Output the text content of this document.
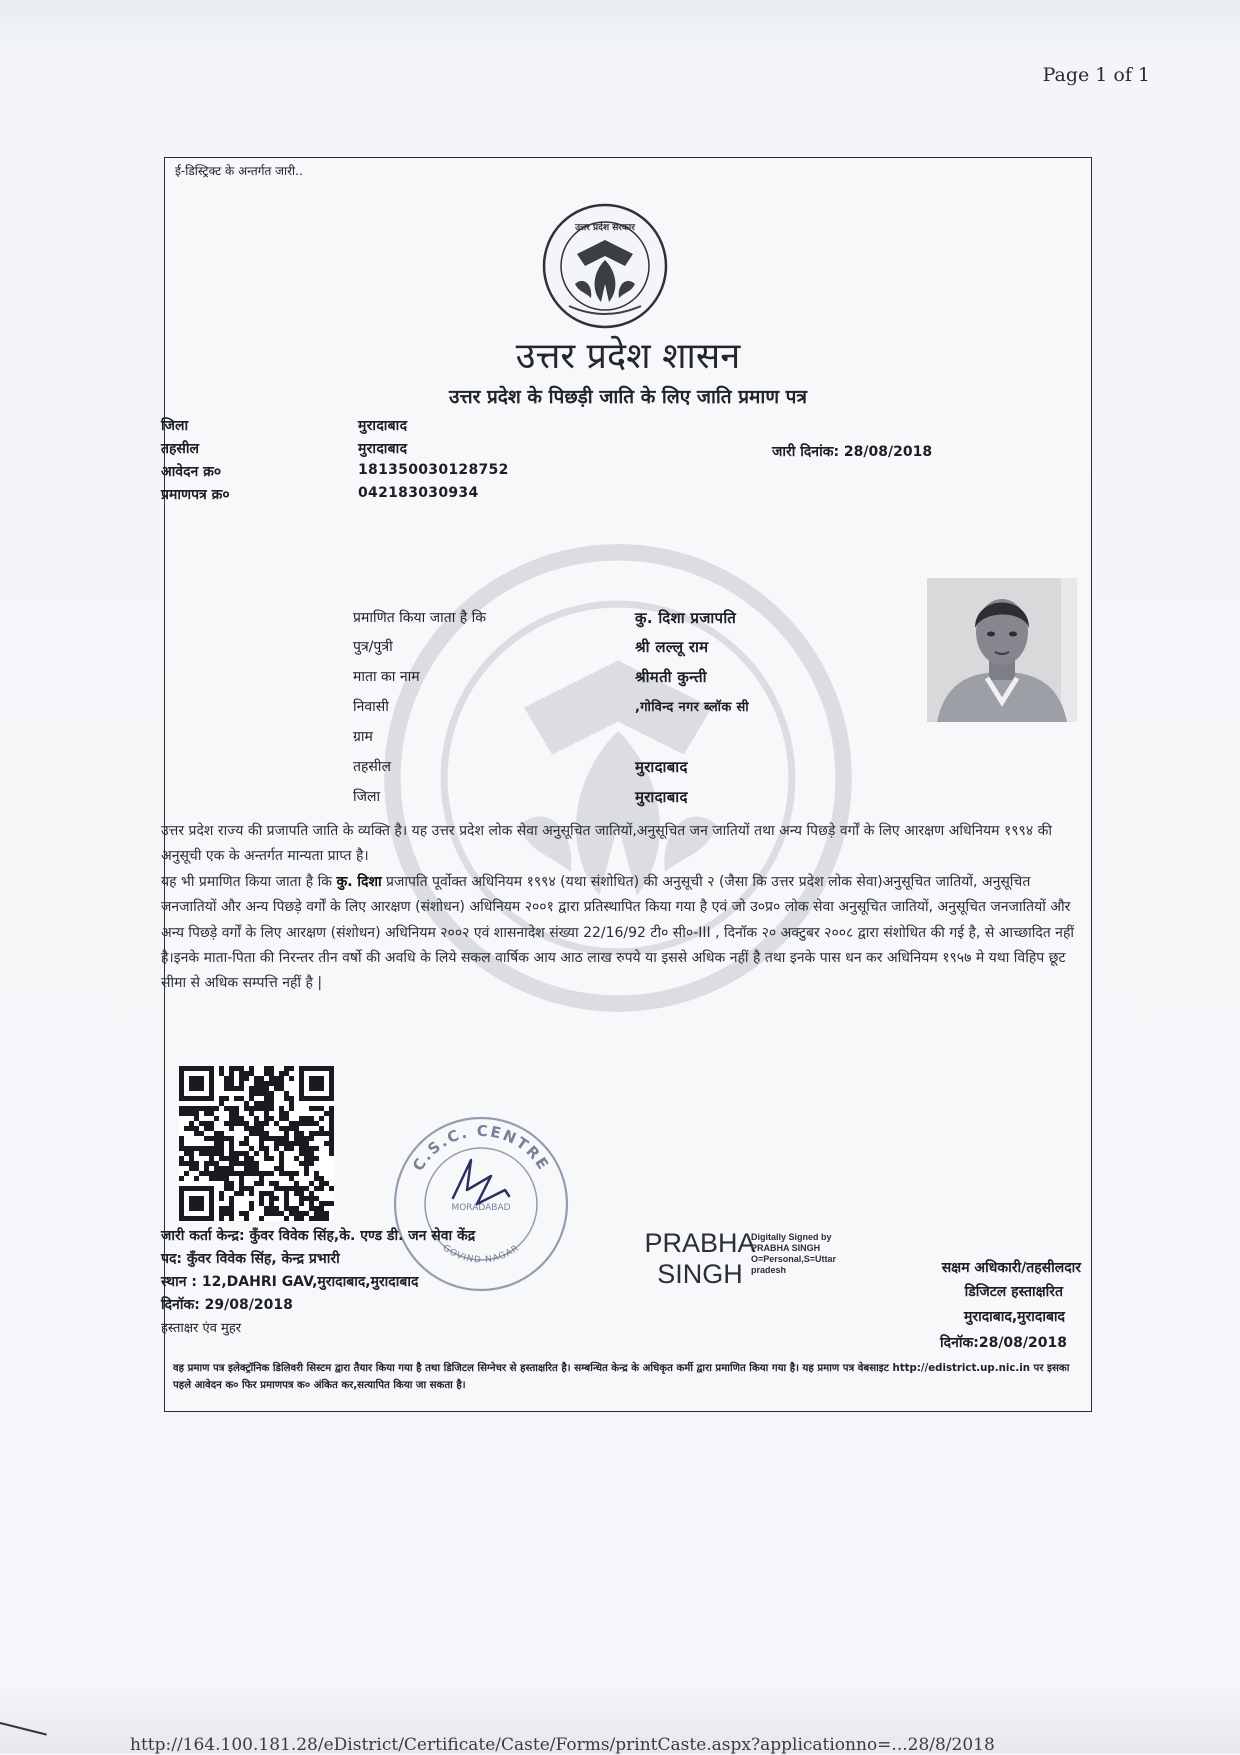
Page 1 of 1
ई-डिस्ट्रिक्ट के अन्तर्गत जारी..
उत्तर प्रदेश सरकार
उत्तर प्रदेश शासन
उत्तर प्रदेश के पिछड़ी जाति के लिए जाति प्रमाण पत्र
जिला
तहसील
आवेदन क्र०
प्रमाणपत्र क्र०
मुरादाबाद
मुरादाबाद
181350030128752
042183030934
जारी दिनांक: 28/08/2018
प्रमाणित किया जाता है कि
पुत्र/पुत्री
माता का नाम
निवासी
ग्राम
तहसील
जिला
कु. दिशा प्रजापति
श्री लल्लू राम
श्रीमती कुन्ती
,गोविन्द नगर ब्लॉक सी
मुरादाबाद
मुरादाबाद
उत्तर प्रदेश राज्य की प्रजापति जाति के व्यक्ति है। यह उत्तर प्रदेश लोक सेवा अनुसूचित जातियों,अनुसूचित जन जातियों तथा अन्य पिछड़े वर्गों के लिए आरक्षण अधिनियम १९९४ की अनुसूची एक के अन्तर्गत मान्यता प्राप्त है।
यह भी प्रमाणित किया जाता है कि कु. दिशा प्रजापति पूर्वोक्त अधिनियम १९९४ (यथा संशोधित) की अनुसूची २ (जैसा कि उत्तर प्रदेश लोक सेवा)अनुसूचित जातियों, अनुसूचित जनजातियों और अन्य पिछड़े वर्गों के लिए आरक्षण (संशोधन) अधिनियम २००१ द्वारा प्रतिस्थापित किया गया है एवं जो उ०प्र० लोक सेवा अनुसूचित जातियों, अनुसूचित जनजातियों और अन्य पिछड़े वर्गों के लिए आरक्षण (संशोधन) अधिनियम २००२ एवं शासनादेश संख्या 22/16/92 टी० सी०-III , दिनॉक २० अक्टुबर २००८ द्वारा संशोधित की गई है, से आच्छादित नहीं है।इनके माता-पिता की निरन्तर तीन वर्षो की अवधि के लिये सकल वार्षिक आय आठ लाख रुपये या इससे अधिक नहीं है तथा इनके पास धन कर अधिनियम १९५७ मे यथा विहिप छूट सीमा से अधिक सम्पत्ति नहीं है |
C.S.C. CENTRE
MORADABAD
GOVIND NAGAR
जारी कर्ता केन्द्र: कुँवर विवेक सिंह,के. एण्ड डी. जन सेवा केंद्र
पद: कुँवर विवेक सिंह, केन्द्र प्रभारी
स्थान : 12,DAHRI GAV,मुरादाबाद,मुरादाबाद
दिनॉक: 29/08/2018
हस्ताक्षर एंव मुहर
PRABHA
SINGH
Digitally Signed by
PRABHA SINGH
O=Personal,S=Uttar
pradesh	सक्षम अधिकारी/तहसीलदार
डिजिटल हस्ताक्षरित
मुरादाबाद,मुरादाबाद
दिनॉक:28/08/2018
वह प्रमाण पत्र इलेक्ट्रॉनिक डिलिवरी सिस्टम द्वारा तैयार किया गया है तथा डिजिटल सिग्नेचर से हस्ताक्षरित है। सम्बन्धित केन्द्र के अधिकृत कर्मी द्वारा प्रमाणित किया गया है। यह प्रमाण पत्र वेबसाइट http://edistrict.up.nic.in पर इसका पहले आवेदन क० फिर प्रमाणपत्र क० अंकित कर,सत्यापित किया जा सकता है।
http://164.100.181.28/eDistrict/Certificate/Caste/Forms/printCaste.aspx?applicationno=...28/8/2018
